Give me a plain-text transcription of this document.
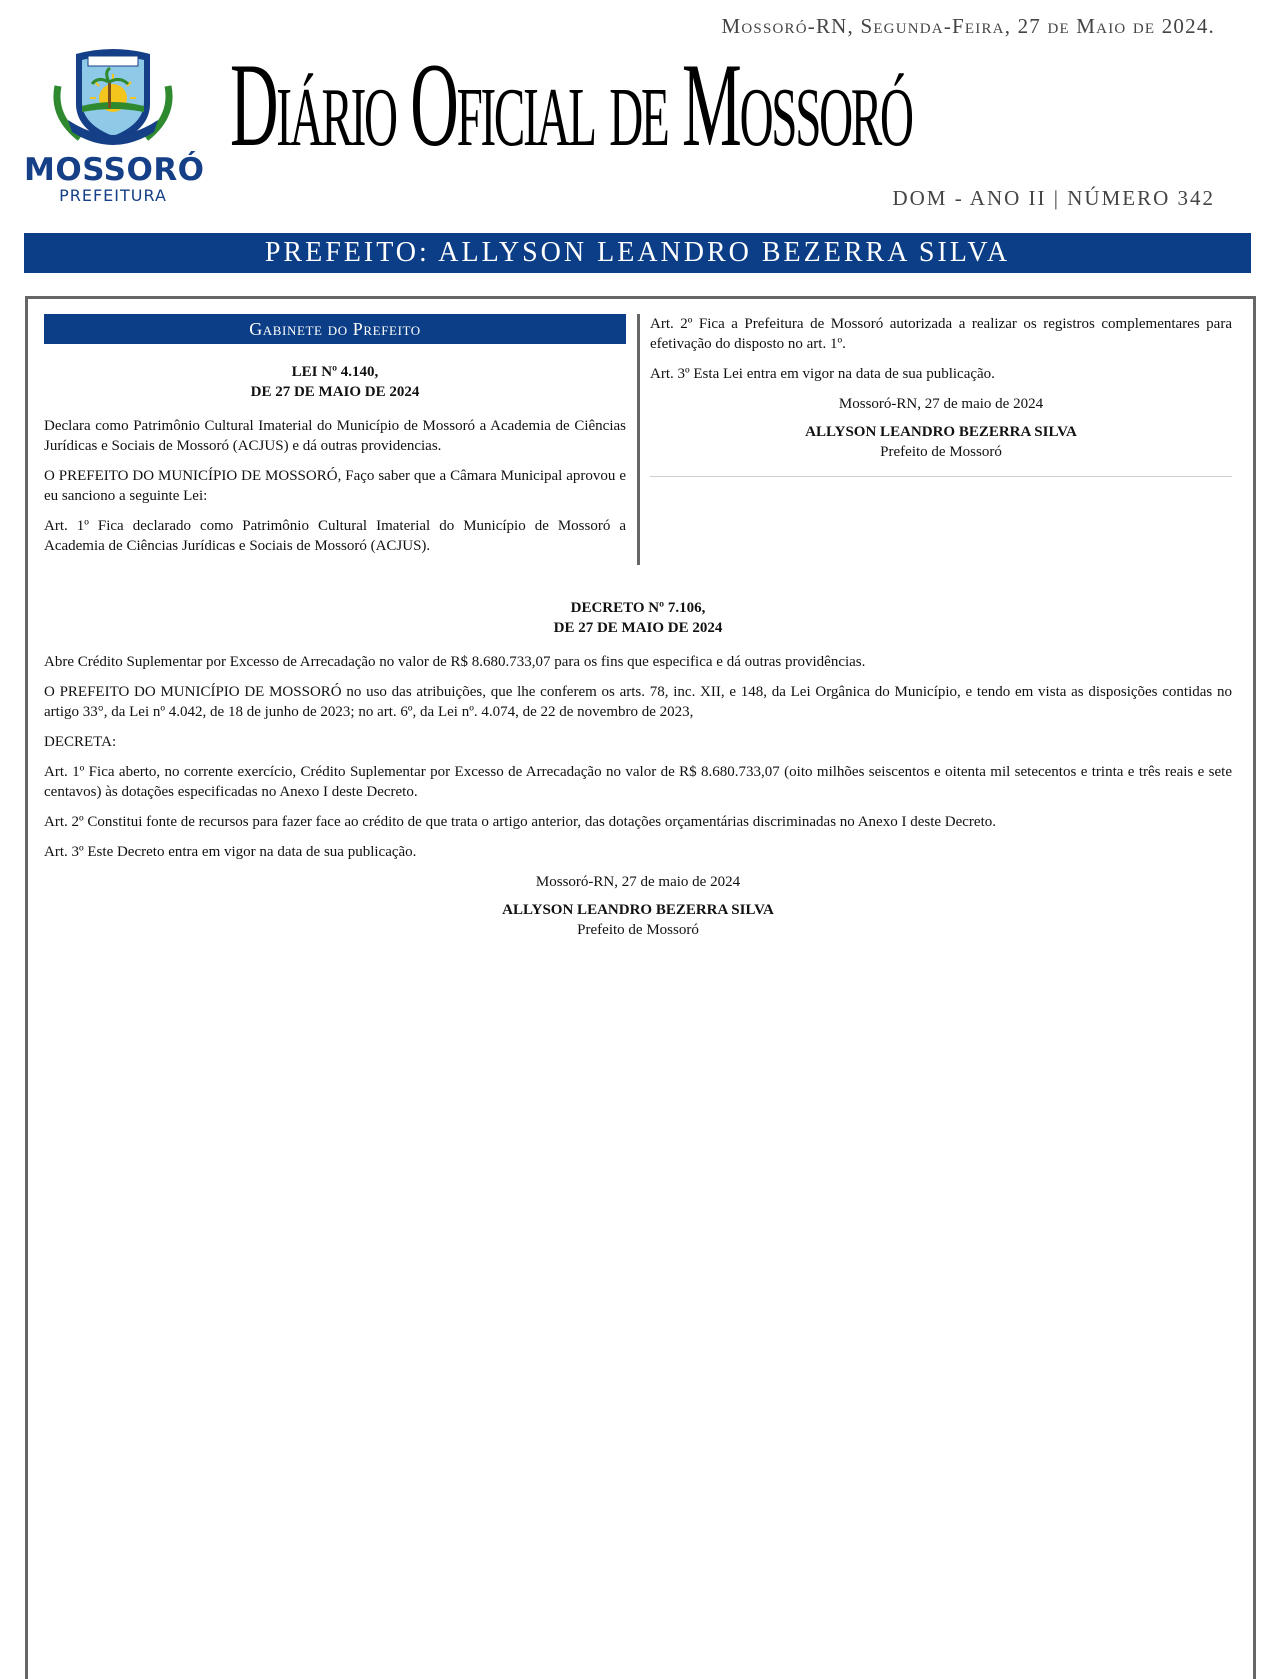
MOSSORÓ
PREFEITURA
Mossoró-RN, Segunda-Feira, 27 de Maio de 2024.
Diário Oficial de Mossoró
DOM - ANO II | NÚMERO 342
PREFEITO: ALLYSON LEANDRO BEZERRA SILVA
Gabinete do Prefeito
LEI Nº 4.140,
DE 27 DE MAIO DE 2024

Declara como Patrimônio Cultural Imaterial do Município de Mossoró a Academia de Ciências Jurídicas e Sociais de Mossoró (ACJUS) e dá outras providencias.

O PREFEITO DO MUNICÍPIO DE MOSSORÓ, Faço saber que a Câmara Municipal aprovou e eu sanciono a seguinte Lei:

Art. 1º Fica declarado como Patrimônio Cultural Imaterial do Município de Mossoró a Academia de Ciências Jurídicas e Sociais de Mossoró (ACJUS).

Art. 2º Fica a Prefeitura de Mossoró autorizada a realizar os registros complementares para efetivação do disposto no art. 1º.

Art. 3º Esta Lei entra em vigor na data de sua publicação.

Mossoró-RN, 27 de maio de 2024

ALLYSON LEANDRO BEZERRA SILVA

Prefeito de Mossoró

DECRETO Nº 7.106,
DE 27 DE MAIO DE 2024

Abre Crédito Suplementar por Excesso de Arrecadação no valor de R$ 8.680.733,07 para os fins que especifica e dá outras providências.

O PREFEITO DO MUNICÍPIO DE MOSSORÓ no uso das atribuições, que lhe conferem os arts. 78, inc. XII, e 148, da Lei Orgânica do Município, e tendo em vista as disposições contidas no artigo 33°, da Lei nº 4.042, de 18 de junho de 2023; no art. 6º, da Lei nº. 4.074, de 22 de novembro de 2023,

DECRETA:

Art. 1º Fica aberto, no corrente exercício, Crédito Suplementar por Excesso de Arrecadação no valor de R$ 8.680.733,07 (oito milhões seiscentos e oitenta mil setecentos e trinta e três reais e sete centavos) às dotações especificadas no Anexo I deste Decreto.

Art. 2º Constitui fonte de recursos para fazer face ao crédito de que trata o artigo anterior, das dotações orçamentárias discriminadas no Anexo I deste Decreto.

Art. 3º Este Decreto entra em vigor na data de sua publicação.

Mossoró-RN, 27 de maio de 2024

ALLYSON LEANDRO BEZERRA SILVA

Prefeito de Mossoró
